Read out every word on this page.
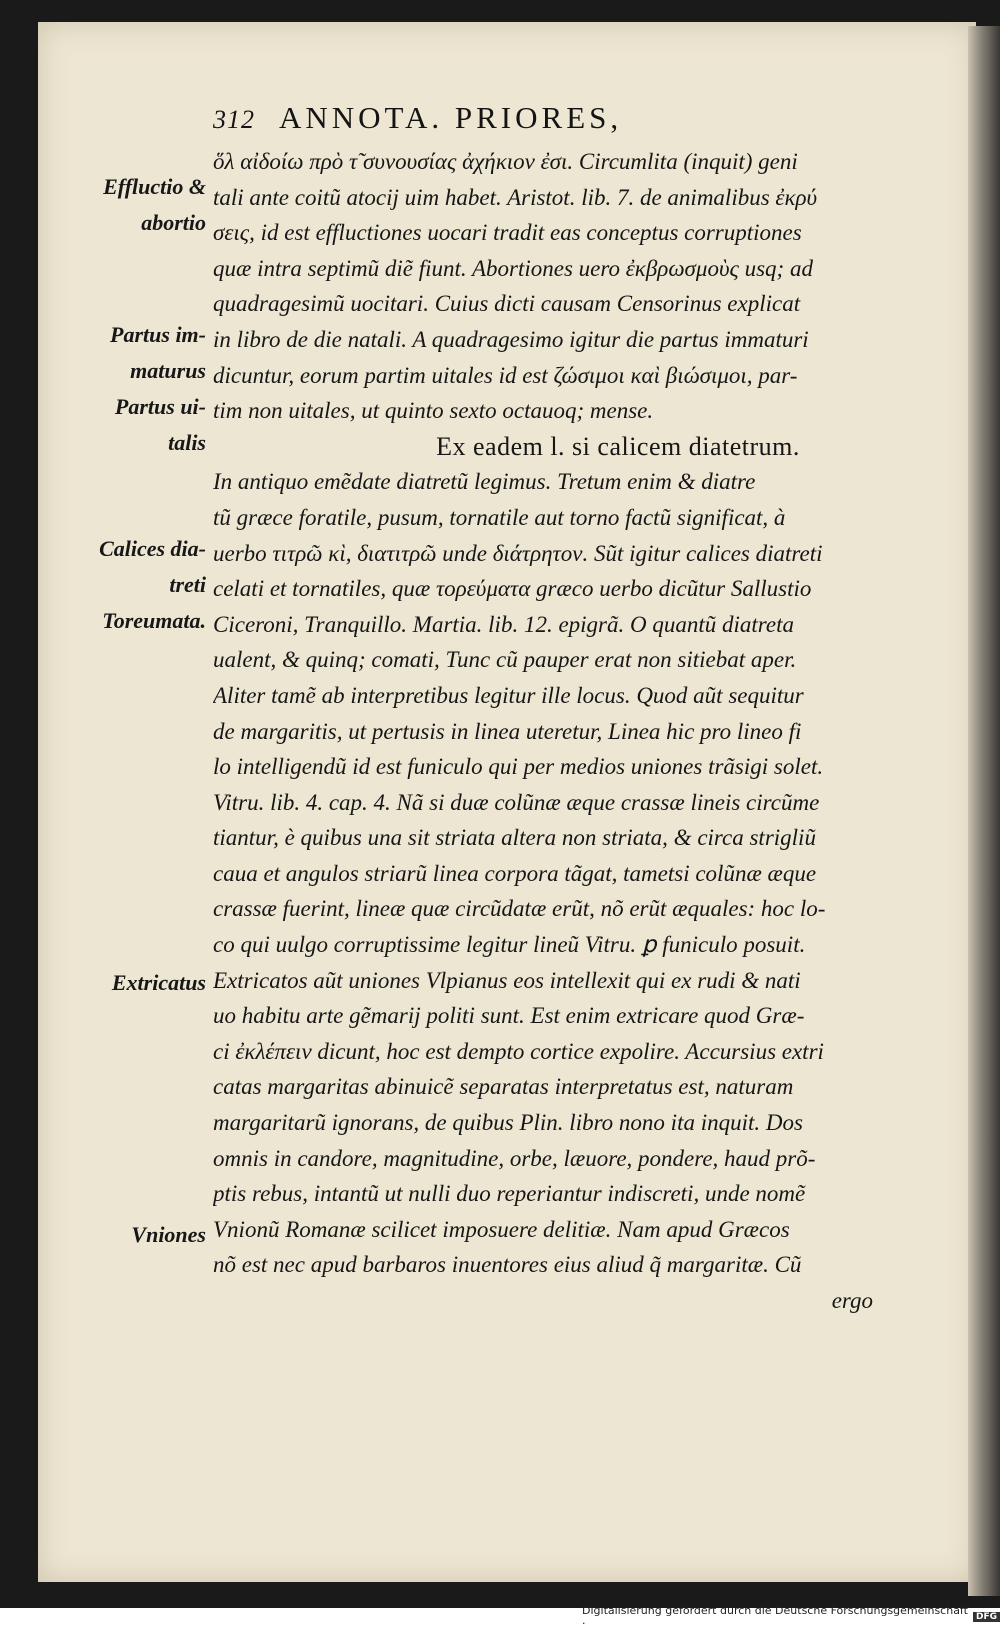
312 ANNOTA. PRIORES,
Effluctio &
abortio
Partus im-
maturus
Partus ui-
talis
Calices dia-
treti
Toreumata.
Extricatus
Vniones
ὅλ αἰδοίω πρὸ τ̃ συνουσίας ἀχήκιον ἐσι. Circumlita (inquit) geni
tali ante coitũ atocij uim habet. Aristot. lib. 7. de animalibus ἐκρύ
σεις, id est effluctiones uocari tradit eas conceptus corruptiones
quæ intra septimũ diẽ fiunt. Abortiones uero ἐκβρωσμοὺς usq; ad
quadragesimũ uocitari. Cuius dicti causam Censorinus explicat
in libro de die natali. A quadragesimo igitur die partus immaturi
dicuntur, eorum partim uitales id est ζώσιμοι καὶ βιώσιμοι, par-
tim non uitales, ut quinto sexto octauoq; mense.
Ex eadem l. si calicem diatetrum.
In antiquo emẽdate diatretũ legimus. Tretum enim & diatre
tũ græce foratile, pusum, tornatile aut torno factũ significat, à
uerbo τιτρῶ κὶ, διατιτρῶ unde διάτρητον. Sũt igitur calices diatreti
celati et tornatiles, quæ τορεύματα græco uerbo dicũtur Sallustio
Ciceroni, Tranquillo. Martia. lib. 12. epigrã. O quantũ diatreta
ualent, & quinq; comati, Tunc cũ pauper erat non sitiebat aper.
Aliter tamẽ ab interpretibus legitur ille locus. Quod aũt sequitur
de margaritis, ut pertusis in linea uteretur, Linea hic pro lineo fi
lo intelligendũ id est funiculo qui per medios uniones trãsigi solet.
Vitru. lib. 4. cap. 4. Nã si duæ colũnæ æque crassæ lineis circũme
tiantur, è quibus una sit striata altera non striata, & circa strigliũ
caua et angulos striarũ linea corpora tãgat, tametsi colũnæ æque
crassæ fuerint, lineæ quæ circũdatæ erũt, nõ erũt æquales: hoc lo-
co qui uulgo corruptissime legitur lineũ Vitru. ꝑ funiculo posuit.
Extricatos aũt uniones Vlpianus eos intellexit qui ex rudi & nati
uo habitu arte gẽmarij politi sunt. Est enim extricare quod Græ-
ci ἐκλέπειν dicunt, hoc est dempto cortice expolire. Accursius extri
catas margaritas abinuicẽ separatas interpretatus est, naturam
margaritarũ ignorans, de quibus Plin. libro nono ita inquit. Dos
omnis in candore, magnitudine, orbe, læuore, pondere, haud prõ-
ptis rebus, intantũ ut nulli duo reperiantur indiscreti, unde nomẽ
Vnionũ Romanæ scilicet imposuere delitiæ. Nam apud Græcos
nõ est nec apud barbaros inuentores eius aliud q̃ margaritæ. Cũ
ergo
Digitalisierung gefördert durch die Deutsche Forschungsgemeinschaft ·	DFG
